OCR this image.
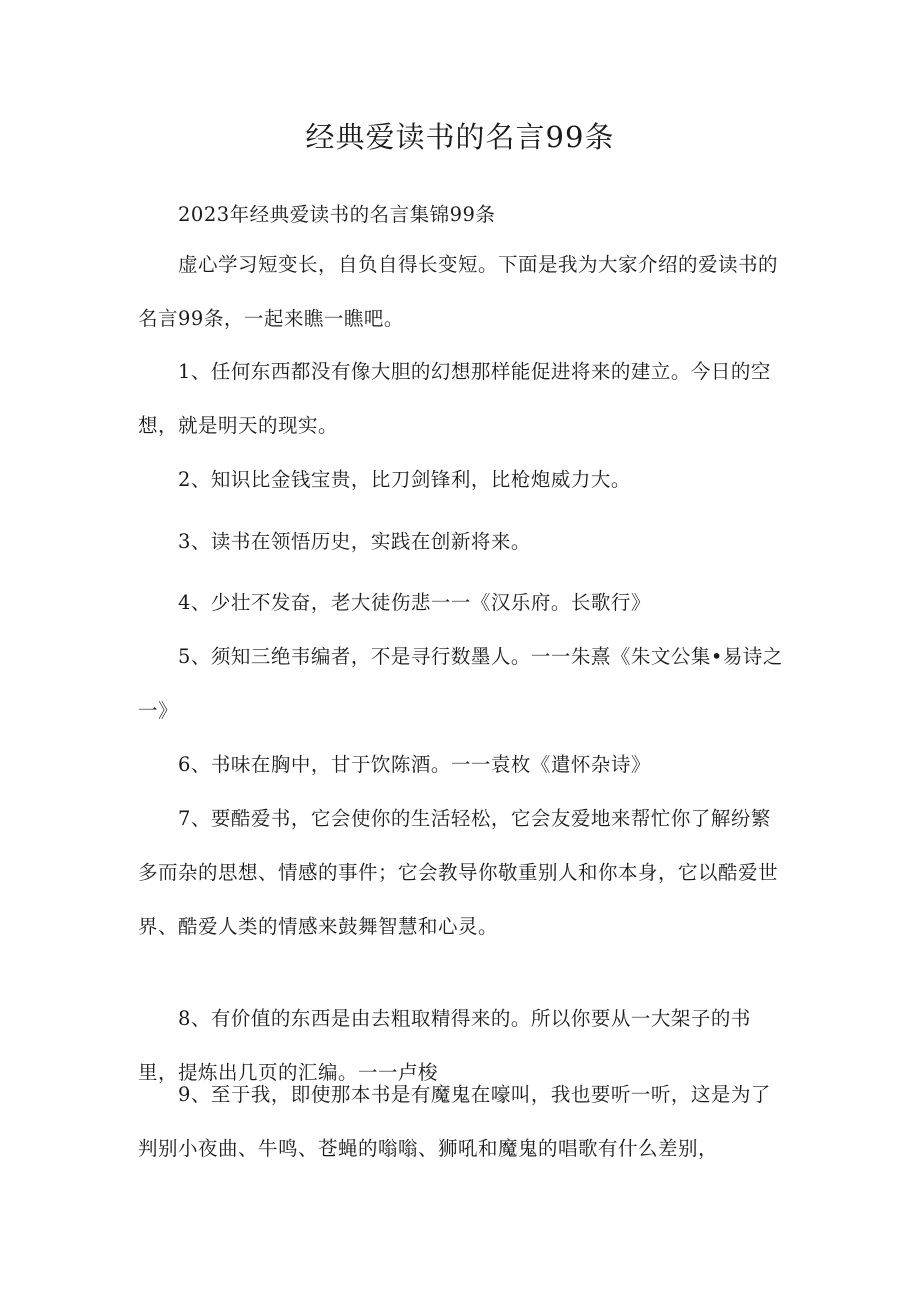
经典爱读书的名言99条

2023年经典爱读书的名言集锦99条

虚心学习短变长，自负自得长变短。下面是我为大家介绍的爱读书的名言99条，一起来瞧一瞧吧。

1、任何东西都没有像大胆的幻想那样能促进将来的建立。今日的空想，就是明天的现实。

2、知识比金钱宝贵，比刀剑锋利，比枪炮威力大。

3、读书在领悟历史，实践在创新将来。

4、少壮不发奋，老大徒伤悲一一《汉乐府。长歌行》

5、须知三绝韦编者，不是寻行数墨人。一一朱熹《朱文公集•易诗之一》

6、书味在胸中，甘于饮陈酒。一一袁枚《遣怀杂诗》

7、要酷爱书，它会使你的生活轻松，它会友爱地来帮忙你了解纷繁多而杂的思想、情感的事件；它会教导你敬重别人和你本身，它以酷爱世界、酷爱人类的情感来鼓舞智慧和心灵。

8、有价值的东西是由去粗取精得来的。所以你要从一大架子的书里，提炼出几页的汇编。一一卢梭

9、至于我，即使那本书是有魔鬼在嚎叫，我也要听一听，这是为了判别小夜曲、牛鸣、苍蝇的嗡嗡、狮吼和魔鬼的唱歌有什么差别，
